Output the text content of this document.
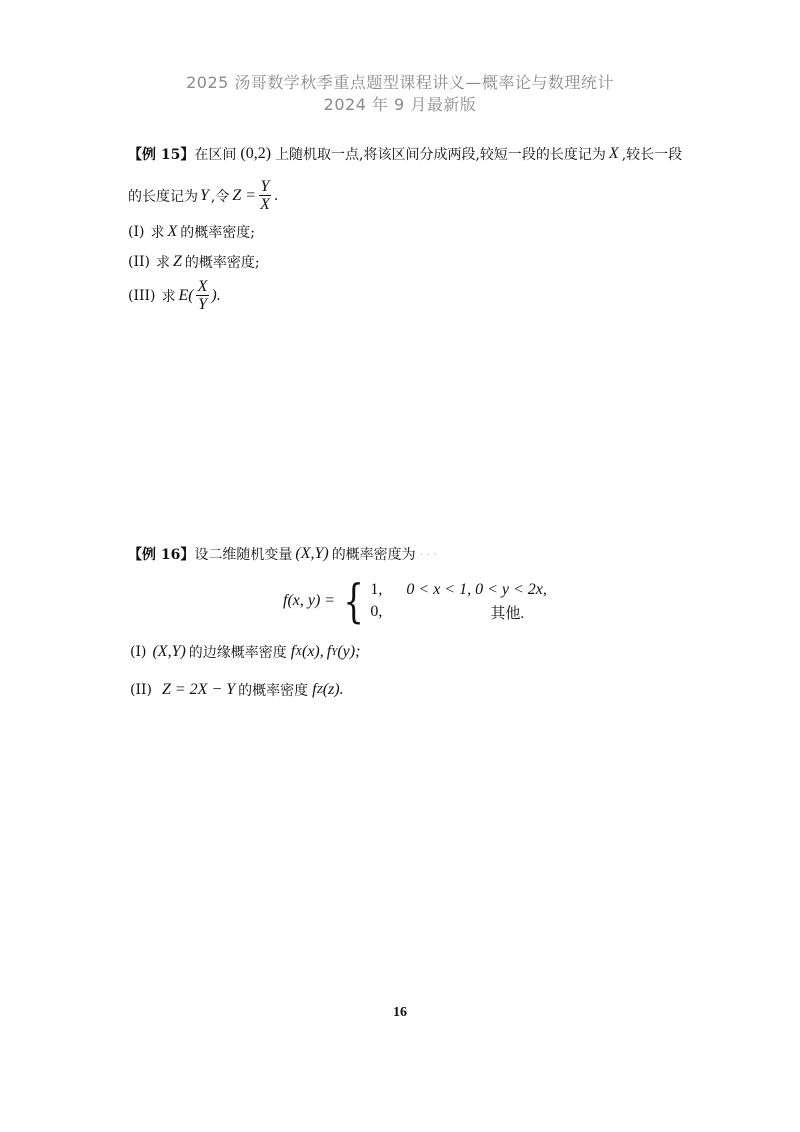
2025 汤哥数学秋季重点题型课程讲义—概率论与数理统计
2024 年 9 月最新版
【例 15】 在区间 (0,2) 上随机取一点,将该区间分成两段,较短一段的长度记为 X ,较长一段
的长度记为 Y ,令 $Z = \frac{Y}{X}$ .
(I) 求 X 的概率密度;
(II) 求 Z 的概率密度;
(III) 求 $E( \frac{X}{Y}$ ).
【例 16】 设二维随机变量 (X,Y) 的概率密度为 · · ·
f(x, y) = { 1,	0 < x < 1, 0 < y < 2x,
0,	其他.
(I) (X,Y) 的边缘概率密度 f X (x), f Y (y);
(II) Z = 2X − Y 的概率密度 f Z (z).
16
